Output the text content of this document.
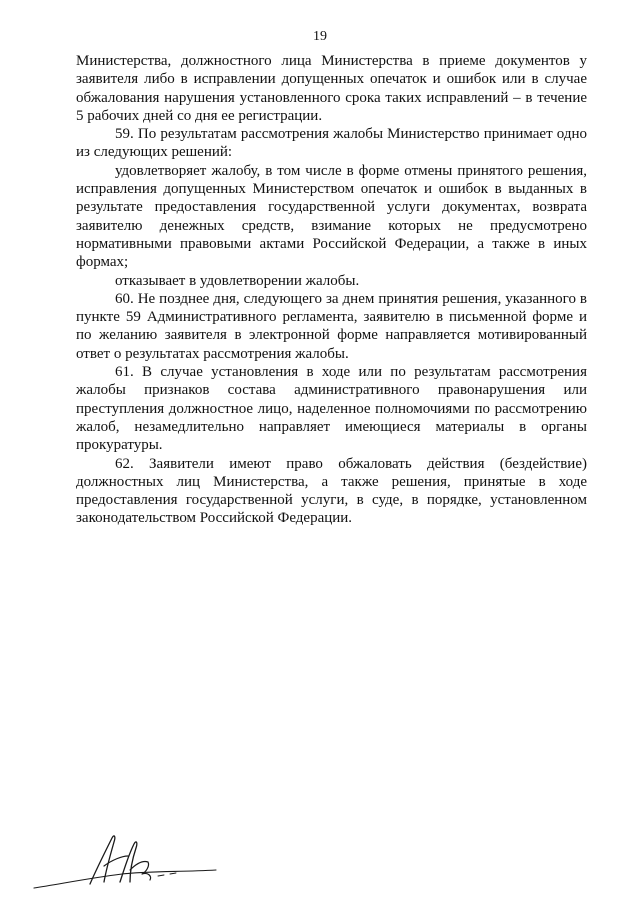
19

Министерства, должностного лица Министерства в приеме документов у заявителя либо в исправлении допущенных опечаток и ошибок или в случае обжалования нарушения установленного срока таких исправлений – в течение 5 рабочих дней со дня ее регистрации.

59. По результатам рассмотрения жалобы Министерство принимает одно из следующих решений:

удовлетворяет жалобу, в том числе в форме отмены принятого решения, исправления допущенных Министерством опечаток и ошибок в выданных в результате предоставления государственной услуги документах, возврата заявителю денежных средств, взимание которых не предусмотрено нормативными правовыми актами Российской Федерации, а также в иных формах;

отказывает в удовлетворении жалобы.

60. Не позднее дня, следующего за днем принятия решения, указанного в пункте 59 Административного регламента, заявителю в письменной форме и по желанию заявителя в электронной форме направляется мотивированный ответ о результатах рассмотрения жалобы.

61. В случае установления в ходе или по результатам рассмотрения жалобы признаков состава административного правонарушения или преступления должностное лицо, наделенное полномочиями по рассмотрению жалоб, незамедлительно направляет имеющиеся материалы в органы прокуратуры.

62. Заявители имеют право обжаловать действия (бездействие) должностных лиц Министерства, а также решения, принятые в ходе предоставления государственной услуги, в суде, в порядке, установленном законодательством Российской Федерации.
